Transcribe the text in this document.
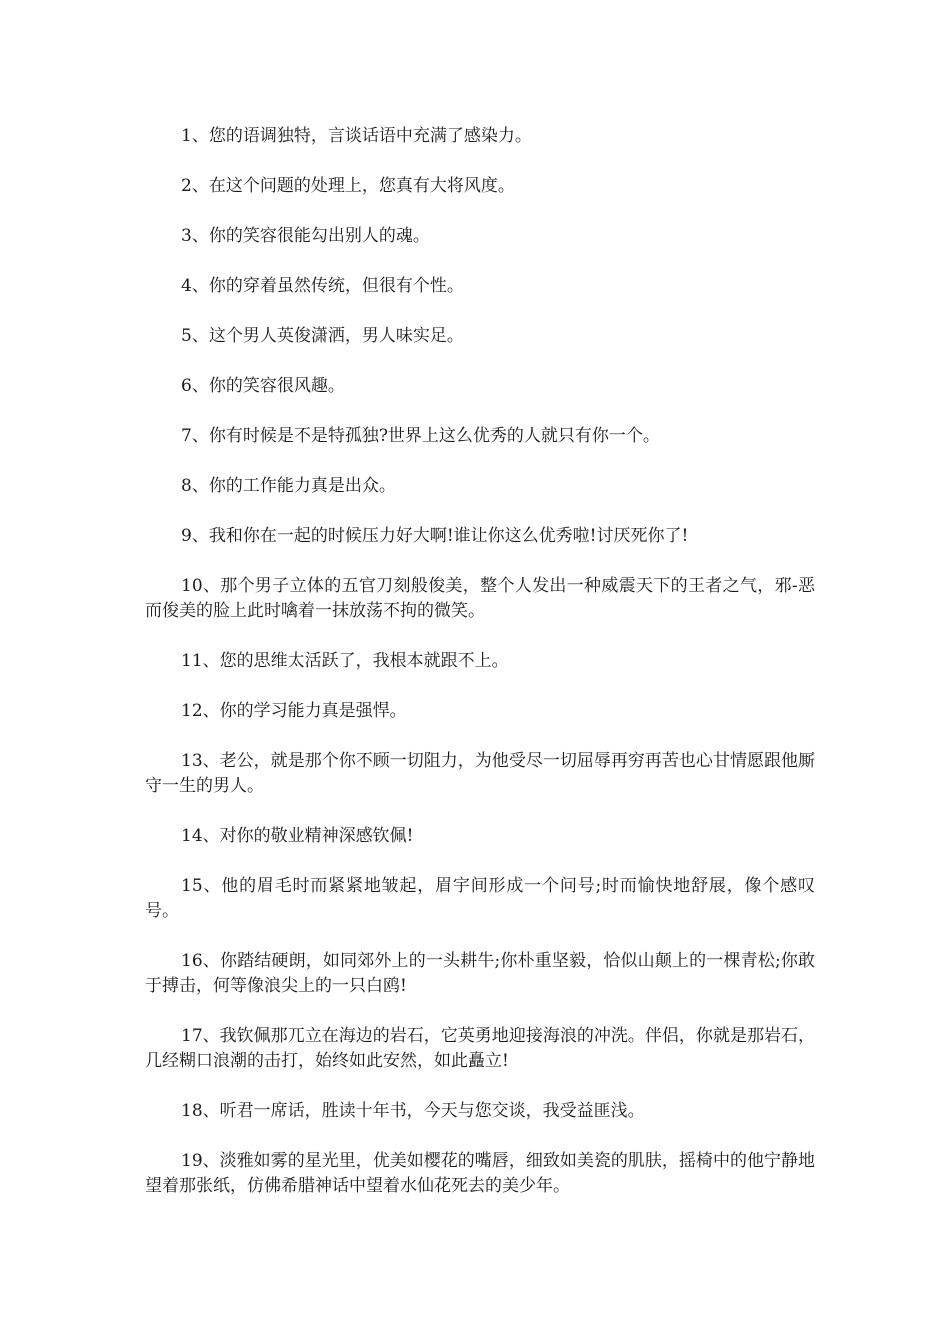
1、您的语调独特，言谈话语中充满了感染力。

2、在这个问题的处理上，您真有大将风度。

3、你的笑容很能勾出别人的魂。

4、你的穿着虽然传统，但很有个性。

5、这个男人英俊潇洒，男人味实足。

6、你的笑容很风趣。

7、你有时候是不是特孤独?世界上这么优秀的人就只有你一个。

8、你的工作能力真是出众。

9、我和你在一起的时候压力好大啊!谁让你这么优秀啦!讨厌死你了!

10、那个男子立体的五官刀刻般俊美，整个人发出一种威震天下的王者之气，邪-恶而俊美的脸上此时噙着一抹放荡不拘的微笑。

11、您的思维太活跃了，我根本就跟不上。

12、你的学习能力真是强悍。

13、老公，就是那个你不顾一切阻力，为他受尽一切屈辱再穷再苦也心甘情愿跟他厮守一生的男人。

14、对你的敬业精神深感钦佩!

15、他的眉毛时而紧紧地皱起，眉宇间形成一个问号;时而愉快地舒展，像个感叹号。

16、你踏结硬朗，如同郊外上的一头耕牛;你朴重坚毅，恰似山颠上的一棵青松;你敢于搏击，何等像浪尖上的一只白鸥!

17、我钦佩那兀立在海边的岩石，它英勇地迎接海浪的冲洗。伴侣，你就是那岩石，几经糊口浪潮的击打，始终如此安然，如此矗立!

18、听君一席话，胜读十年书，今天与您交谈，我受益匪浅。

19、淡雅如雾的星光里，优美如樱花的嘴唇，细致如美瓷的肌肤，摇椅中的他宁静地望着那张纸，仿佛希腊神话中望着水仙花死去的美少年。
